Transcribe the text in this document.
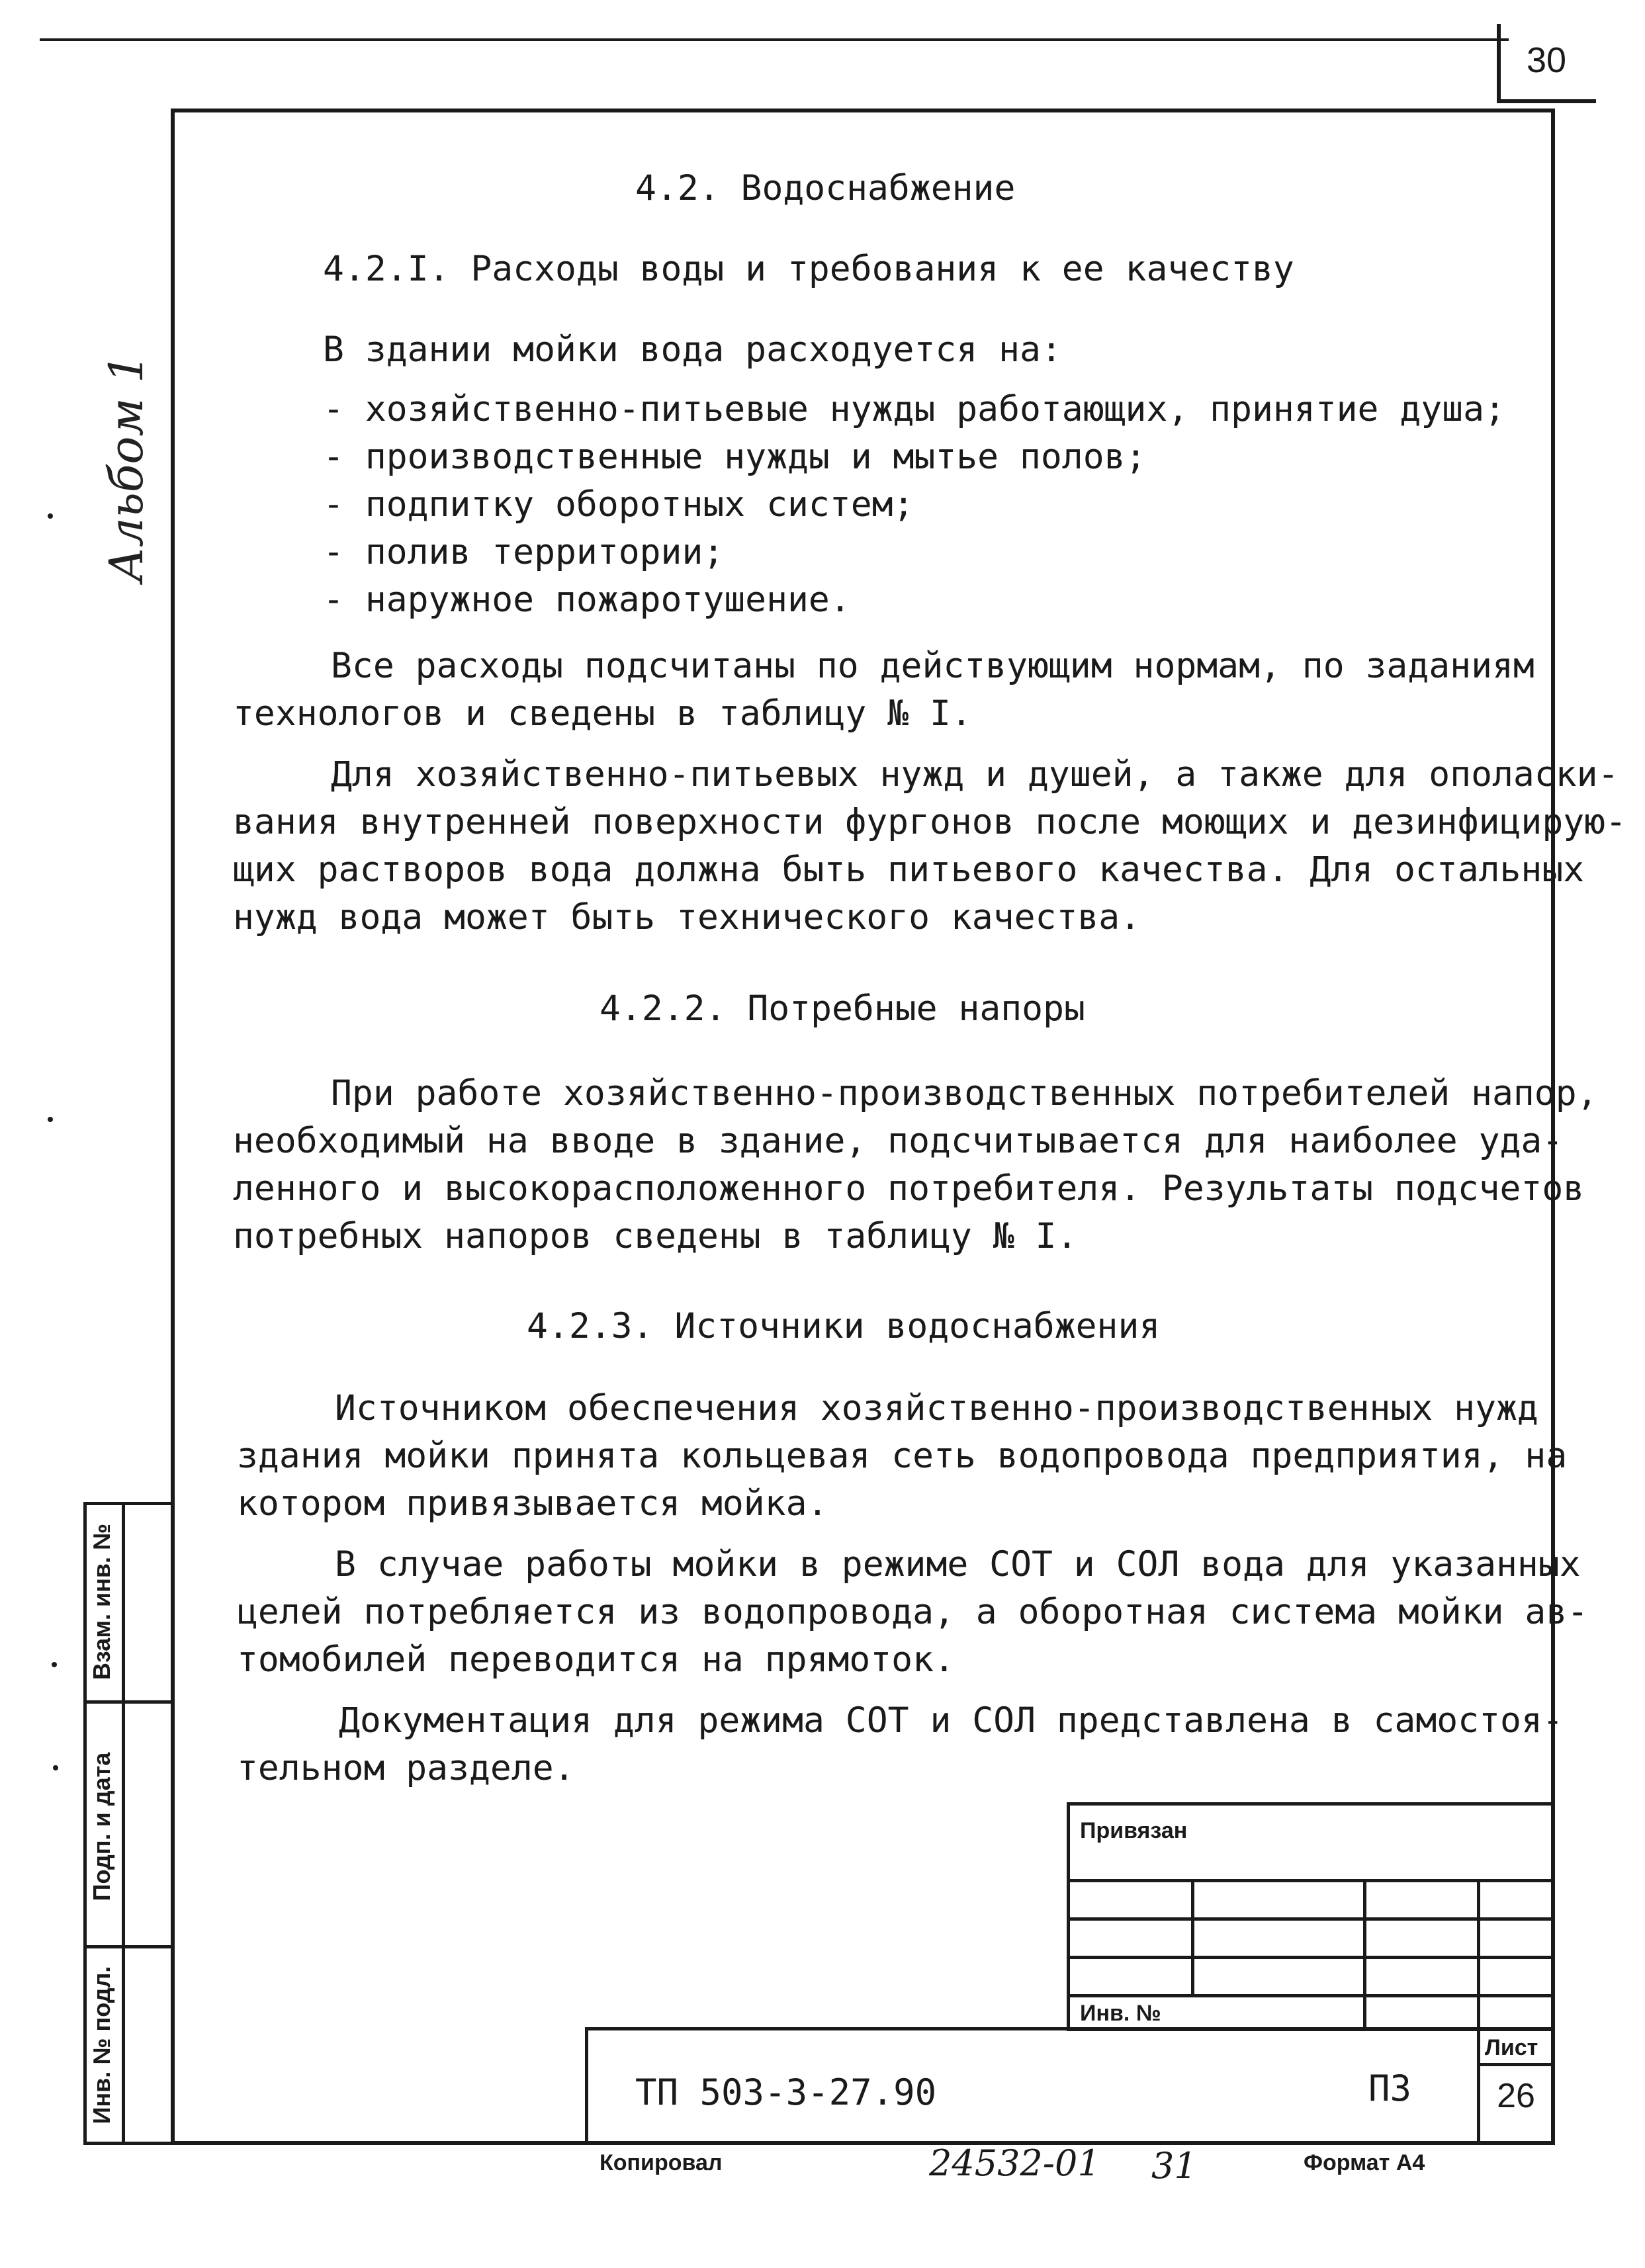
30
Альбом 1
4.2. Водоснабжение
4.2.I. Расходы воды и требования к ее качеству
В здании мойки вода расходуется на:
- хозяйственно-питьевые нужды работающих, принятие душа;
- производственные нужды и мытье полов;
- подпитку оборотных систем;
- полив территории;
- наружное пожаротушение.
Все расходы подсчитаны по действующим нормам, по заданиям
технологов и сведены в таблицу № I.
Для хозяйственно-питьевых нужд и душей, а также для ополаски-
вания внутренней поверхности фургонов после моющих и дезинфицирую-
щих растворов вода должна быть питьевого качества. Для остальных
нужд вода может быть технического качества.
4.2.2. Потребные напоры
При работе хозяйственно-производственных потребителей напор,
необходимый на вводе в здание, подсчитывается для наиболее уда-
ленного и высокорасположенного потребителя. Результаты подсчетов
потребных напоров сведены в таблицу № I.
4.2.3. Источники водоснабжения
Источником обеспечения хозяйственно-производственных нужд
здания мойки принята кольцевая сеть водопровода предприятия, на
котором привязывается мойка.
В случае работы мойки в режиме СОТ и СОЛ вода для указанных
целей потребляется из водопровода, а оборотная система мойки ав-
томобилей переводится на прямоток.
Документация для режима СОТ и СОЛ представлена в самостоя-
тельном разделе.
Взам. инв. №
Подп. и дата
Инв. № подл.
Привязан
Инв. №
Лист
26
ТП 503-3-27.90	ПЗ
Копировал	24532-01 31	Формат А4
